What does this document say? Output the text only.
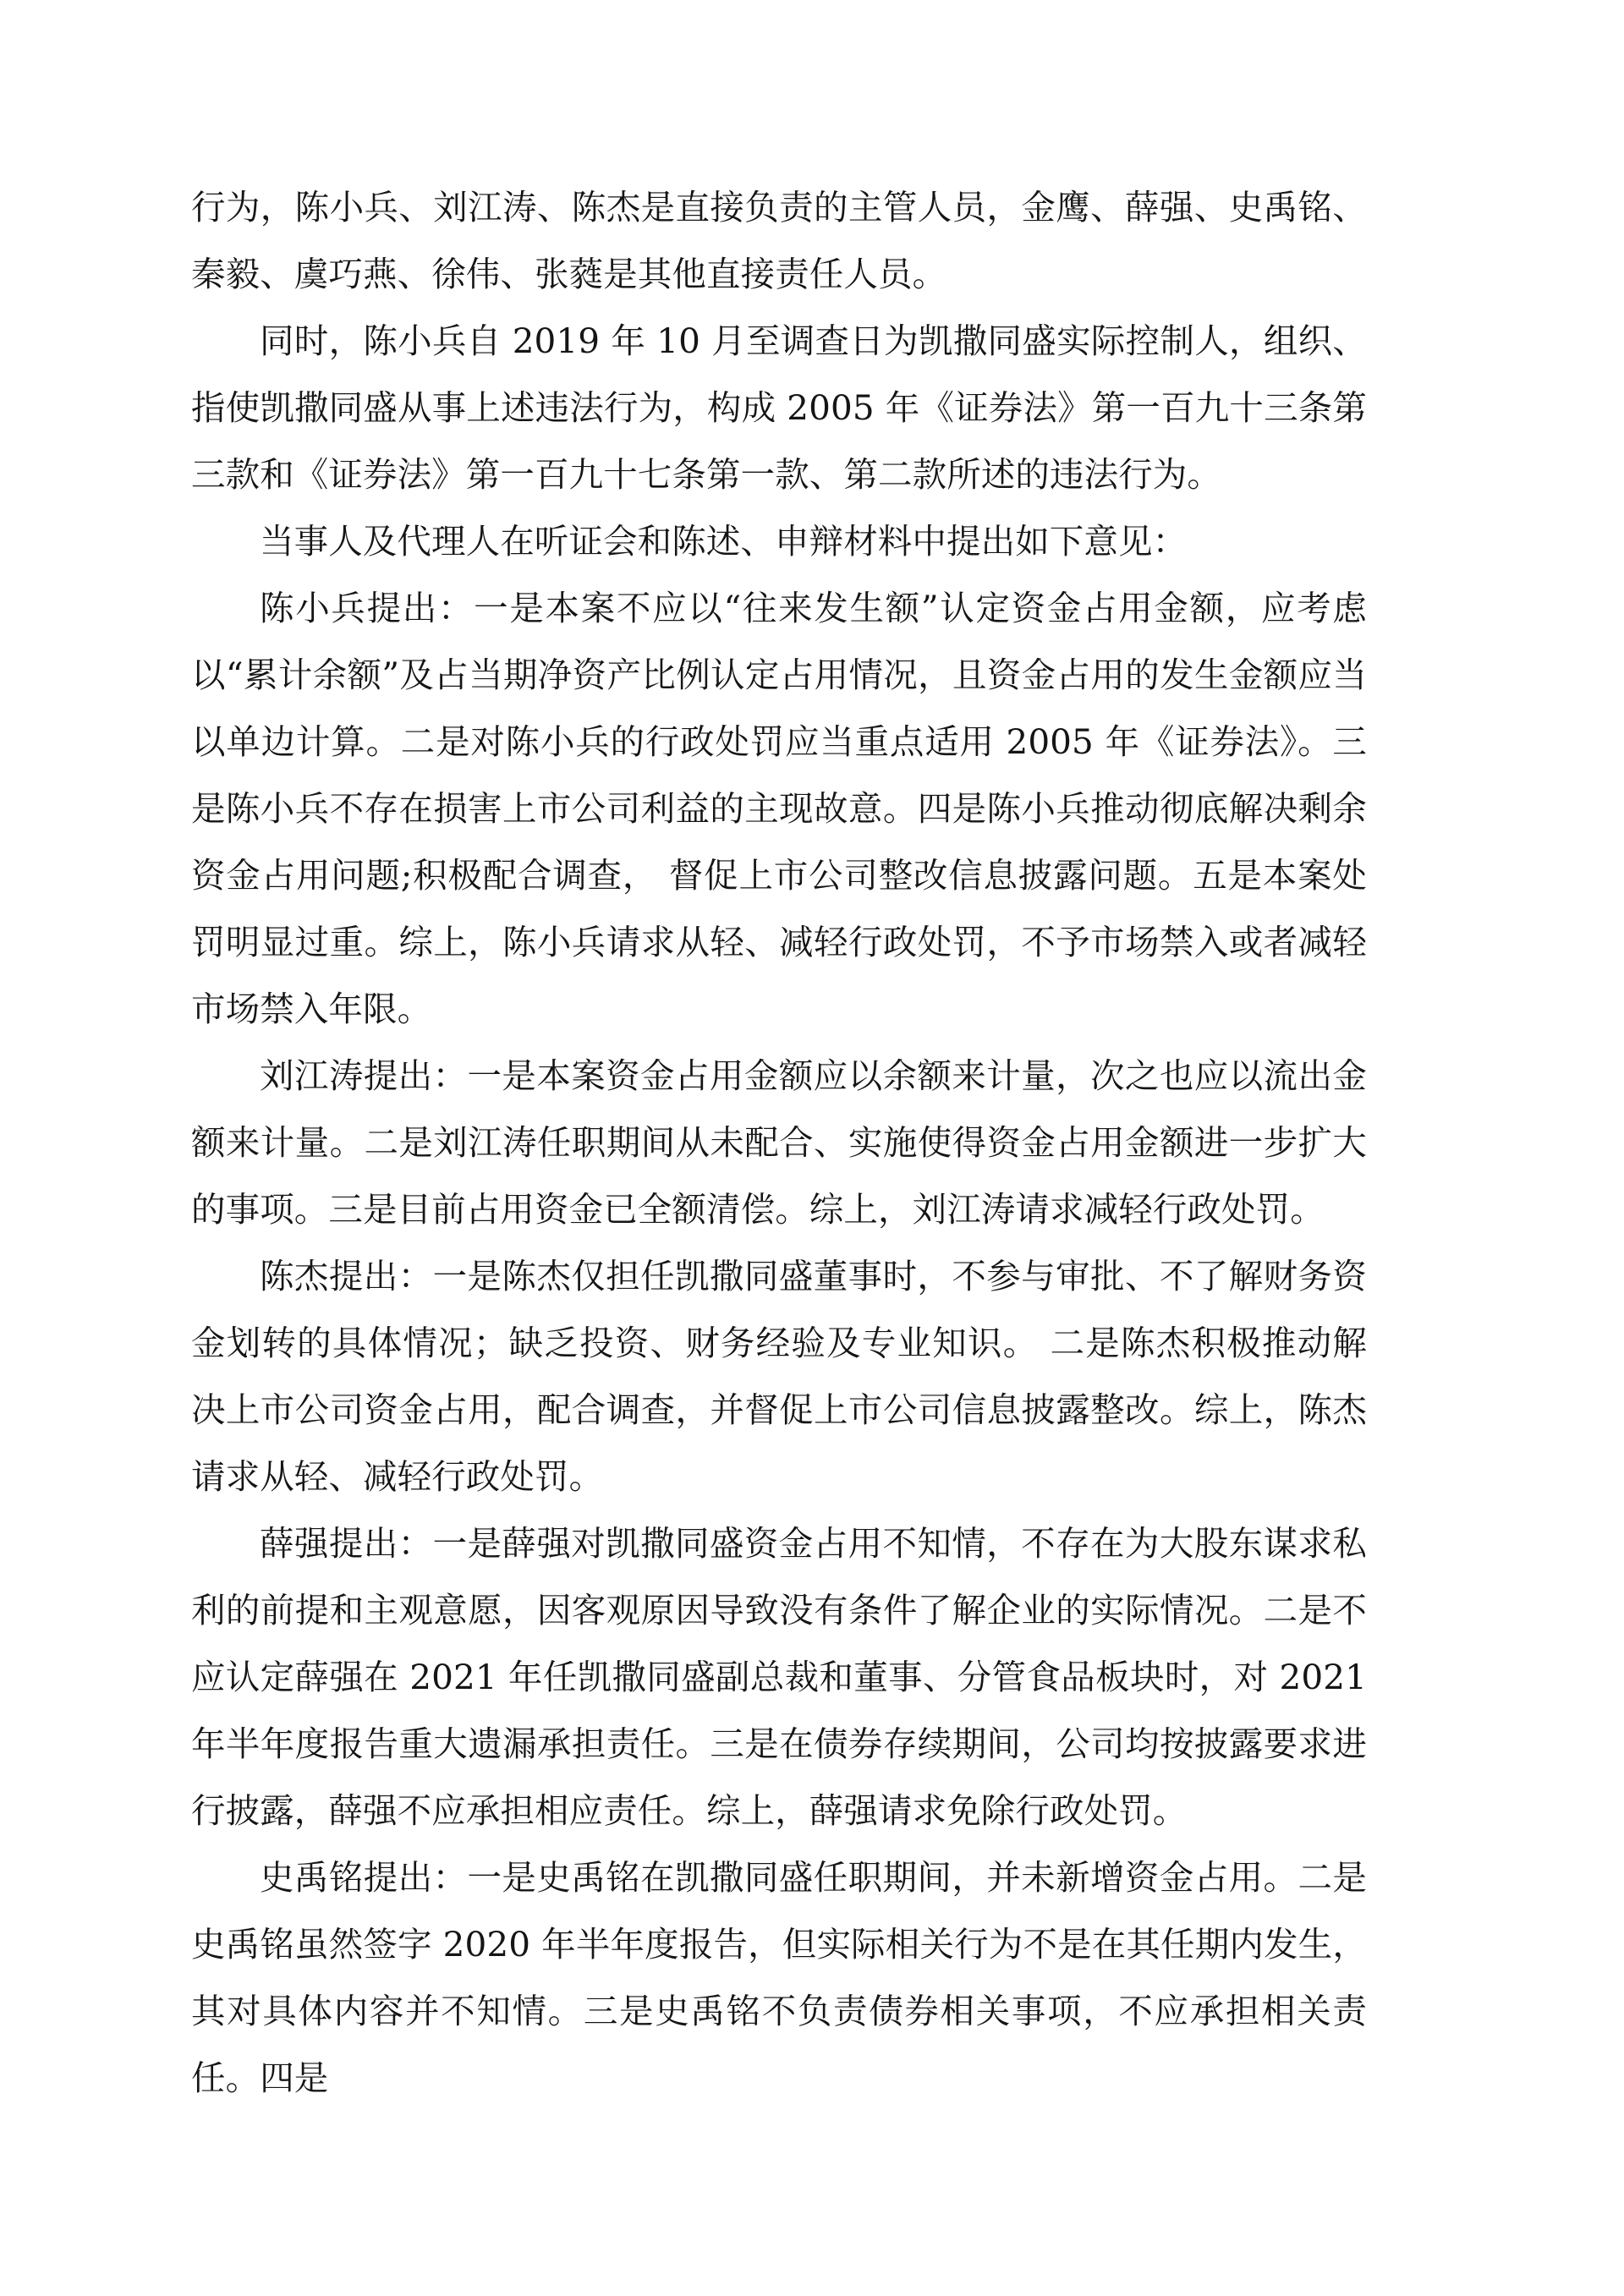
行为，陈小兵、刘江涛、陈杰是直接负责的主管人员，金鹰、薛强、史禹铭、秦毅、虞巧燕、徐伟、张蕤是其他直接责任人员。

同时，陈小兵自 2019 年 10 月至调查日为凯撒同盛实际控制人，组织、指使凯撒同盛从事上述违法行为，构成 2005 年《证券法》第一百九十三条第三款和《证券法》第一百九十七条第一款、第二款所述的违法行为。

当事人及代理人在听证会和陈述、申辩材料中提出如下意见：

陈小兵提出：一是本案不应以“往来发生额”认定资金占用金额，应考虑以“累计余额”及占当期净资产比例认定占用情况，且资金占用的发生金额应当以单边计算。二是对陈小兵的行政处罚应当重点适用 2005 年《证券法》。三是陈小兵不存在损害上市公司利益的主现故意。四是陈小兵推动彻底解决剩余资金占用问题;积极配合调查， 督促上市公司整改信息披露问题。五是本案处罚明显过重。综上，陈小兵请求从轻、减轻行政处罚，不予市场禁入或者减轻市场禁入年限。

刘江涛提出：一是本案资金占用金额应以余额来计量，次之也应以流出金额来计量。二是刘江涛任职期间从未配合、实施使得资金占用金额进一步扩大的事项。三是目前占用资金已全额清偿。综上，刘江涛请求减轻行政处罚。

陈杰提出：一是陈杰仅担任凯撒同盛董事时，不参与审批、不了解财务资金划转的具体情况；缺乏投资、财务经验及专业知识。 二是陈杰积极推动解决上市公司资金占用，配合调查，并督促上市公司信息披露整改。综上，陈杰请求从轻、减轻行政处罚。

薛强提出：一是薛强对凯撒同盛资金占用不知情，不存在为大股东谋求私利的前提和主观意愿，因客观原因导致没有条件了解企业的实际情况。二是不应认定薛强在 2021 年任凯撒同盛副总裁和董事、分管食品板块时，对 2021 年半年度报告重大遗漏承担责任。三是在债券存续期间，公司均按披露要求进行披露，薛强不应承担相应责任。综上，薛强请求免除行政处罚。

史禹铭提出：一是史禹铭在凯撒同盛任职期间，并未新增资金占用。二是史禹铭虽然签字 2020 年半年度报告，但实际相关行为不是在其任期内发生，其对具体内容并不知情。三是史禹铭不负责债券相关事项，不应承担相关责任。四是
